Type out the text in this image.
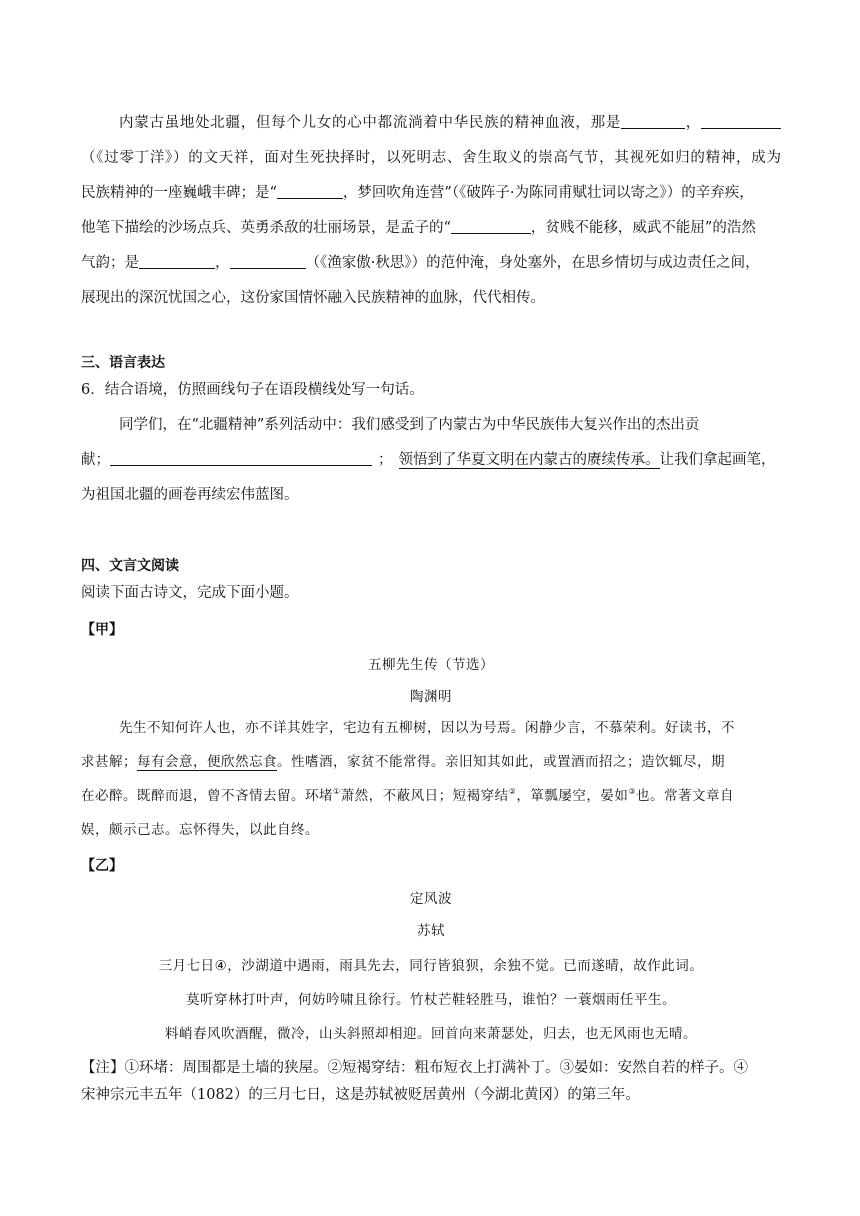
内蒙古虽地处北疆，但每个儿女的心中都流淌着中华民族的精神血液，那是	，
（《过零丁洋》）的文天祥，面对生死抉择时，以死明志、舍生取义的崇高气节，其视死如归的精神，成为
民族精神的一座巍峨丰碑；是“	，梦回吹角连营”（《破阵子·为陈同甫赋壮词以寄之》）的辛弃疾，
他笔下描绘的沙场点兵、英勇杀敌的壮丽场景，是孟子的“	，贫贱不能移，威武不能屈”的浩然
气韵；是	，	（《渔家傲·秋思》）的范仲淹，身处塞外，在思乡情切与成边责任之间，
展现出的深沉忧国之心，这份家国情怀融入民族精神的血脉，代代相传。
三、语言表达
6．结合语境，仿照画线句子在语段横线处写一句话。
同学们，在“北疆精神”系列活动中：我们感受到了内蒙古为中华民族伟大复兴作出的杰出贡
献；	； 领悟到了华夏文明在内蒙古的赓续传承。让我们拿起画笔，
为祖国北疆的画卷再续宏伟蓝图。
四、文言文阅读
阅读下面古诗文，完成下面小题。
【甲】
五柳先生传（节选）
陶渊明
先生不知何许人也，亦不详其姓字，宅边有五柳树，因以为号焉。闲静少言，不慕荣利。好读书，不
求甚解；每有会意，便欣然忘食。性嗜酒，家贫不能常得。亲旧知其如此，或置酒而招之；造饮辄尽，期
在必醉。既醉而退，曾不吝情去留。环堵①萧然，不蔽风日；短褐穿结②，箪瓢屡空，晏如③也。常著文章自
娱，颇示己志。忘怀得失，以此自终。
【乙】
定风波
苏轼
三月七日④，沙湖道中遇雨，雨具先去，同行皆狼狈，余独不觉。已而遂晴，故作此词。
莫听穿林打叶声，何妨吟啸且徐行。竹杖芒鞋轻胜马，谁怕？一蓑烟雨任平生。
料峭春风吹酒醒，微冷，山头斜照却相迎。回首向来萧瑟处，归去，也无风雨也无晴。
【注】①环堵：周围都是土墙的狭屋。②短褐穿结：粗布短衣上打满补丁。③晏如：安然自若的样子。④
宋神宗元丰五年（1082）的三月七日，这是苏轼被贬居黄州（今湖北黄冈）的第三年。
